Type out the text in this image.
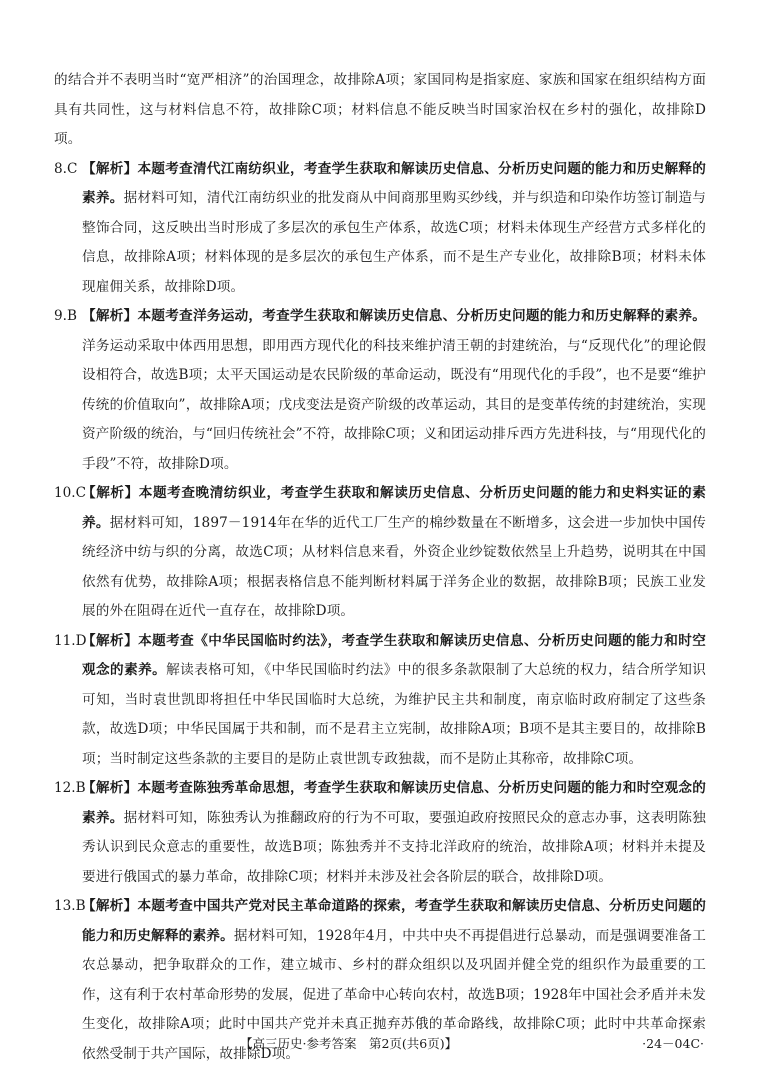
的结合并不表明当时“宽严相济”的治国理念，故排除A项；家国同构是指家庭、家族和国家在组织结构方面具有共同性，这与材料信息不符，故排除C项；材料信息不能反映当时国家治权在乡村的强化，故排除D项。

8.C 【解析】本题考查清代江南纺织业，考查学生获取和解读历史信息、分析历史问题的能力和历史解释的素养。据材料可知，清代江南纺织业的批发商从中间商那里购买纱线，并与织造和印染作坊签订制造与整饰合同，这反映出当时形成了多层次的承包生产体系，故选C项；材料未体现生产经营方式多样化的信息，故排除A项；材料体现的是多层次的承包生产体系，而不是生产专业化，故排除B项；材料未体现雇佣关系，故排除D项。
9.B 【解析】本题考查洋务运动，考查学生获取和解读历史信息、分析历史问题的能力和历史解释的素养。洋务运动采取中体西用思想，即用西方现代化的科技来维护清王朝的封建统治，与“反现代化”的理论假设相符合，故选B项；太平天国运动是农民阶级的革命运动，既没有“用现代化的手段”，也不是要“维护传统的价值取向”，故排除A项；戊戌变法是资产阶级的改革运动，其目的是变革传统的封建统治，实现资产阶级的统治，与“回归传统社会”不符，故排除C项；义和团运动排斥西方先进科技，与“用现代化的手段”不符，故排除D项。
10.C
【解析】本题考查晚清纺织业，考查学生获取和解读历史信息、分析历史问题的能力和史料实证的素养。据材料可知，1897－1914年在华的近代工厂生产的棉纱数量在不断增多，这会进一步加快中国传统经济中纺与织的分离，故选C项；从材料信息来看，外资企业纱锭数依然呈上升趋势，说明其在中国依然有优势，故排除A项；根据表格信息不能判断材料属于洋务企业的数据，故排除B项；民族工业发展的外在阻碍在近代一直存在，故排除D项。
11.D
【解析】本题考查《中华民国临时约法》，考查学生获取和解读历史信息、分析历史问题的能力和时空观念的素养。解读表格可知，《中华民国临时约法》中的很多条款限制了大总统的权力，结合所学知识可知，当时袁世凯即将担任中华民国临时大总统，为维护民主共和制度，南京临时政府制定了这些条款，故选D项；中华民国属于共和制，而不是君主立宪制，故排除A项；B项不是其主要目的，故排除B项；当时制定这些条款的主要目的是防止袁世凯专政独裁，而不是防止其称帝，故排除C项。
12.B
【解析】本题考查陈独秀革命思想，考查学生获取和解读历史信息、分析历史问题的能力和时空观念的素养。据材料可知，陈独秀认为推翻政府的行为不可取，要强迫政府按照民众的意志办事，这表明陈独秀认识到民众意志的重要性，故选B项；陈独秀并不支持北洋政府的统治，故排除A项；材料并未提及要进行俄国式的暴力革命，故排除C项；材料并未涉及社会各阶层的联合，故排除D项。
13.B
【解析】本题考查中国共产党对民主革命道路的探索，考查学生获取和解读历史信息、分析历史问题的能力和历史解释的素养。据材料可知，1928年4月，中共中央不再提倡进行总暴动，而是强调要准备工农总暴动，把争取群众的工作，建立城市、乡村的群众组织以及巩固并健全党的组织作为最重要的工作，这有利于农村革命形势的发展，促进了革命中心转向农村，故选B项；1928年中国社会矛盾并未发生变化，故排除A项；此时中国共产党并未真正抛弃苏俄的革命路线，故排除C项；此时中共革命探索依然受制于共产国际，故排除D项。
【高三历史·参考答案　第2页(共6页)】	·24－04C·
